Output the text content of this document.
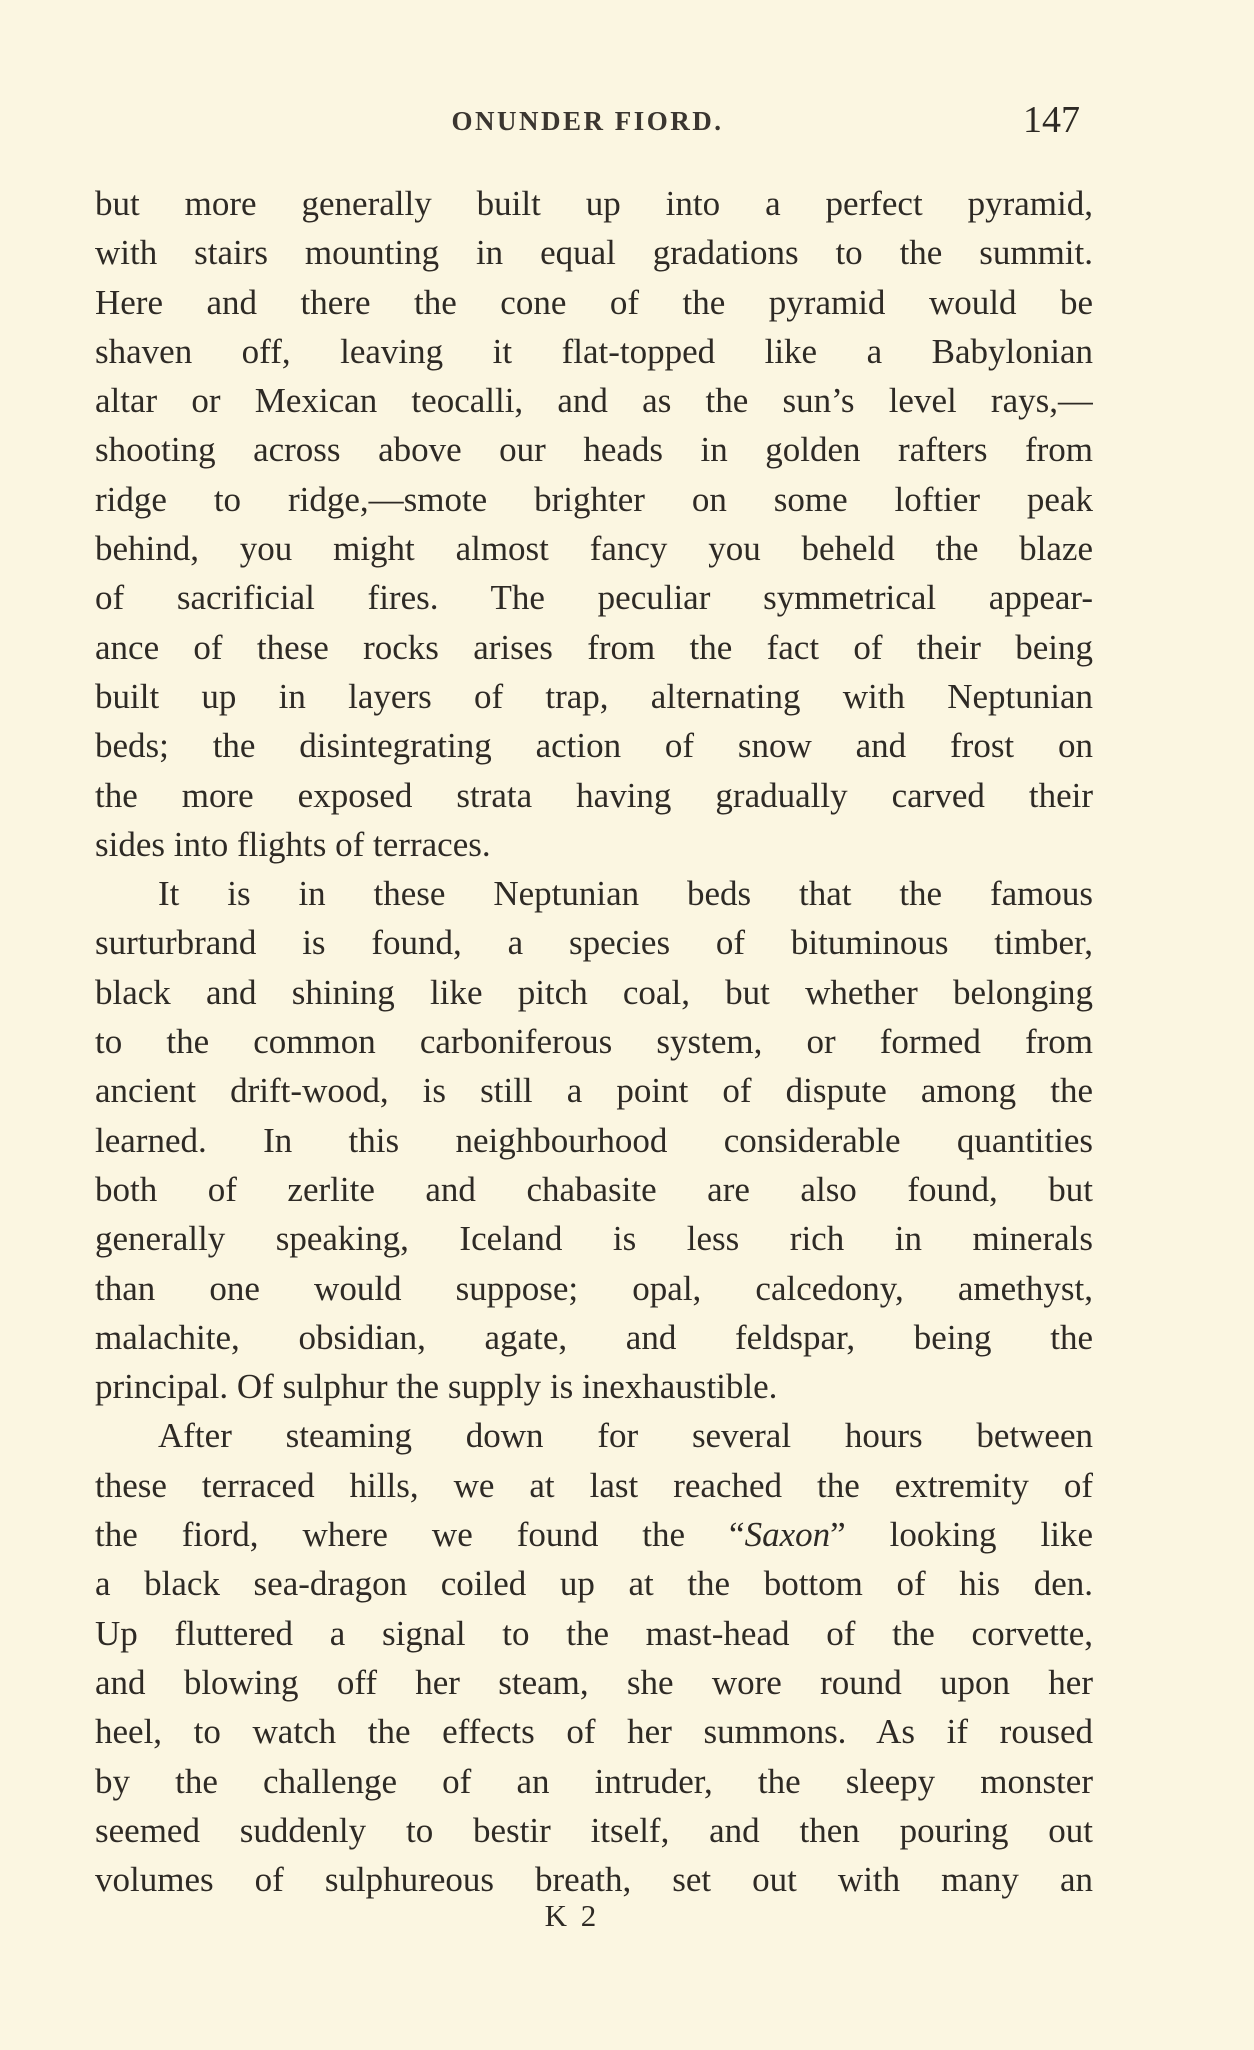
ONUNDER FIORD.	147
but more generally built up into a perfect pyramid,
with stairs mounting in equal gradations to the summit.
Here and there the cone of the pyramid would be
shaven off, leaving it flat-topped like a Babylonian
altar or Mexican teocalli, and as the sun’s level rays,—
shooting across above our heads in golden rafters from
ridge to ridge,—smote brighter on some loftier peak
behind, you might almost fancy you beheld the blaze
of sacrificial fires. The peculiar symmetrical appear-
ance of these rocks arises from the fact of their being
built up in layers of trap, alternating with Neptunian
beds; the disintegrating action of snow and frost on
the more exposed strata having gradually carved their
sides into flights of terraces.
It is in these Neptunian beds that the famous
surturbrand is found, a species of bituminous timber,
black and shining like pitch coal, but whether belonging
to the common carboniferous system, or formed from
ancient drift-wood, is still a point of dispute among the
learned. In this neighbourhood considerable quantities
both of zerlite and chabasite are also found, but
generally speaking, Iceland is less rich in minerals
than one would suppose; opal, calcedony, amethyst,
malachite, obsidian, agate, and feldspar, being the
principal. Of sulphur the supply is inexhaustible.
After steaming down for several hours between
these terraced hills, we at last reached the extremity of
the fiord, where we found the “Saxon” looking like
a black sea-dragon coiled up at the bottom of his den.
Up fluttered a signal to the mast-head of the corvette,
and blowing off her steam, she wore round upon her
heel, to watch the effects of her summons. As if roused
by the challenge of an intruder, the sleepy monster
seemed suddenly to bestir itself, and then pouring out
volumes of sulphureous breath, set out with many an
K 2
